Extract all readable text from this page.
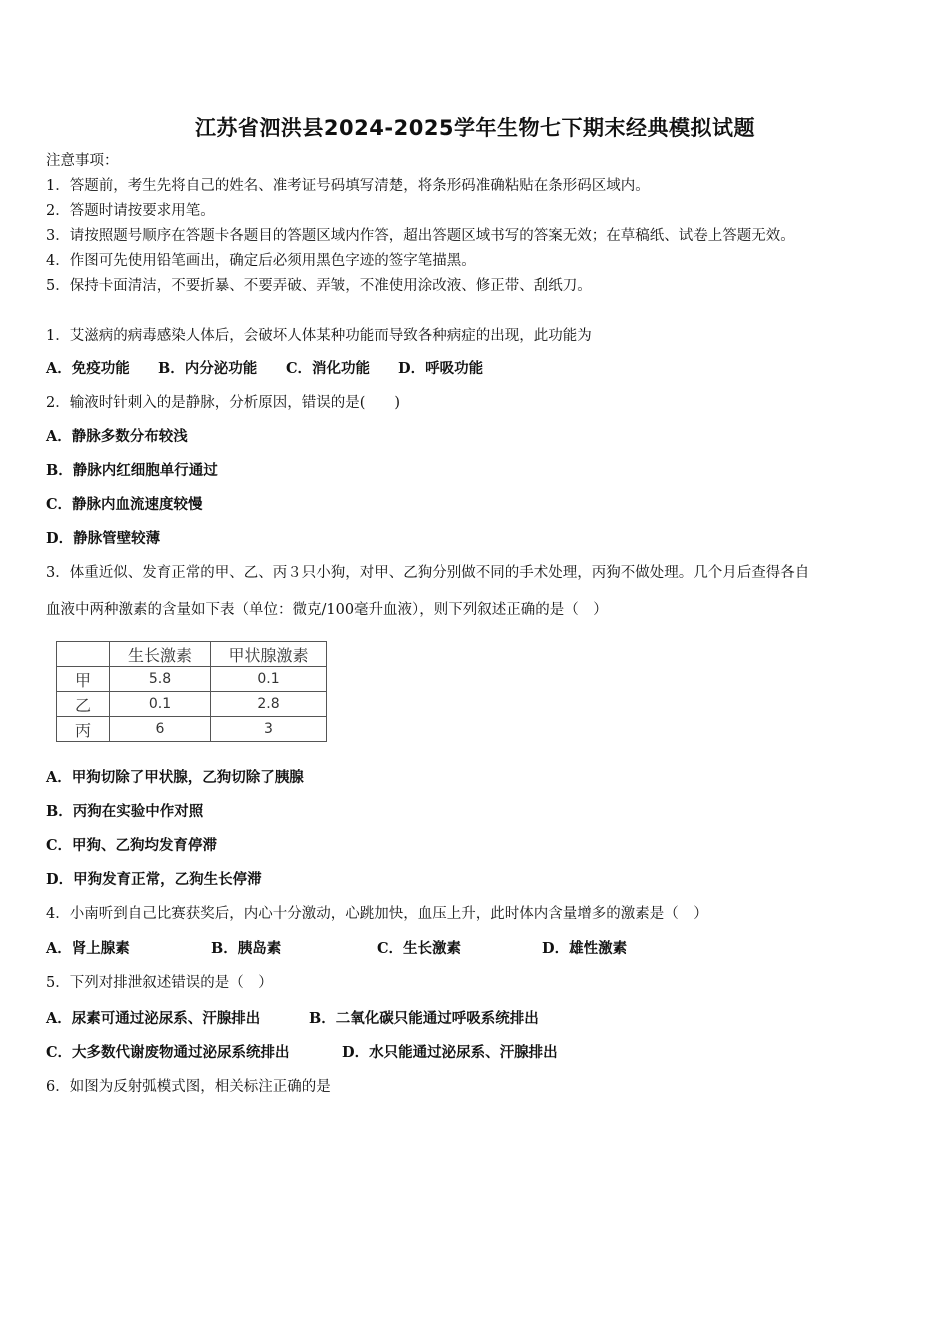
江苏省泗洪县2024-2025学年生物七下期末经典模拟试题
注意事项：
1．答题前，考生先将自己的姓名、准考证号码填写清楚，将条形码准确粘贴在条形码区域内。
2．答题时请按要求用笔。
3．请按照题号顺序在答题卡各题目的答题区域内作答，超出答题区域书写的答案无效；在草稿纸、试卷上答题无效。
4．作图可先使用铅笔画出，确定后必须用黑色字迹的签字笔描黑。
5．保持卡面清洁，不要折暴、不要弄破、弄皱，不准使用涂改液、修正带、刮纸刀。
1．艾滋病的病毒感染人体后，会破坏人体某种功能而导致各种病症的出现，此功能为
A．免疫功能 B．内分泌功能 C．消化功能 D．呼吸功能
2．输液时针刺入的是静脉，分析原因，错误的是(　　)
A．静脉多数分布较浅
B．静脉内红细胞单行通过
C．静脉内血流速度较慢
D．静脉管壁较薄
3．体重近似、发育正常的甲、乙、丙３只小狗，对甲、乙狗分别做不同的手术处理，丙狗不做处理。几个月后查得各自
血液中两种激素的含量如下表（单位：微克/100毫升血液），则下列叙述正确的是（　）
	生长激素	甲状腺激素
甲	5.8	0.1
乙	0.1	2.8
丙	6	3
A．甲狗切除了甲状腺，乙狗切除了胰腺
B．丙狗在实验中作对照
C．甲狗、乙狗均发育停滞
D．甲狗发育正常，乙狗生长停滞
4．小南听到自己比赛获奖后，内心十分激动，心跳加快，血压上升，此时体内含量增多的激素是（　）
A．肾上腺素	B．胰岛素	C．生长激素	D．雄性激素
5．下列对排泄叙述错误的是（　）
A．尿素可通过泌尿系、汗腺排出	B．二氧化碳只能通过呼吸系统排出
C．大多数代谢废物通过泌尿系统排出	D．水只能通过泌尿系、汗腺排出
6．如图为反射弧模式图，相关标注正确的是
